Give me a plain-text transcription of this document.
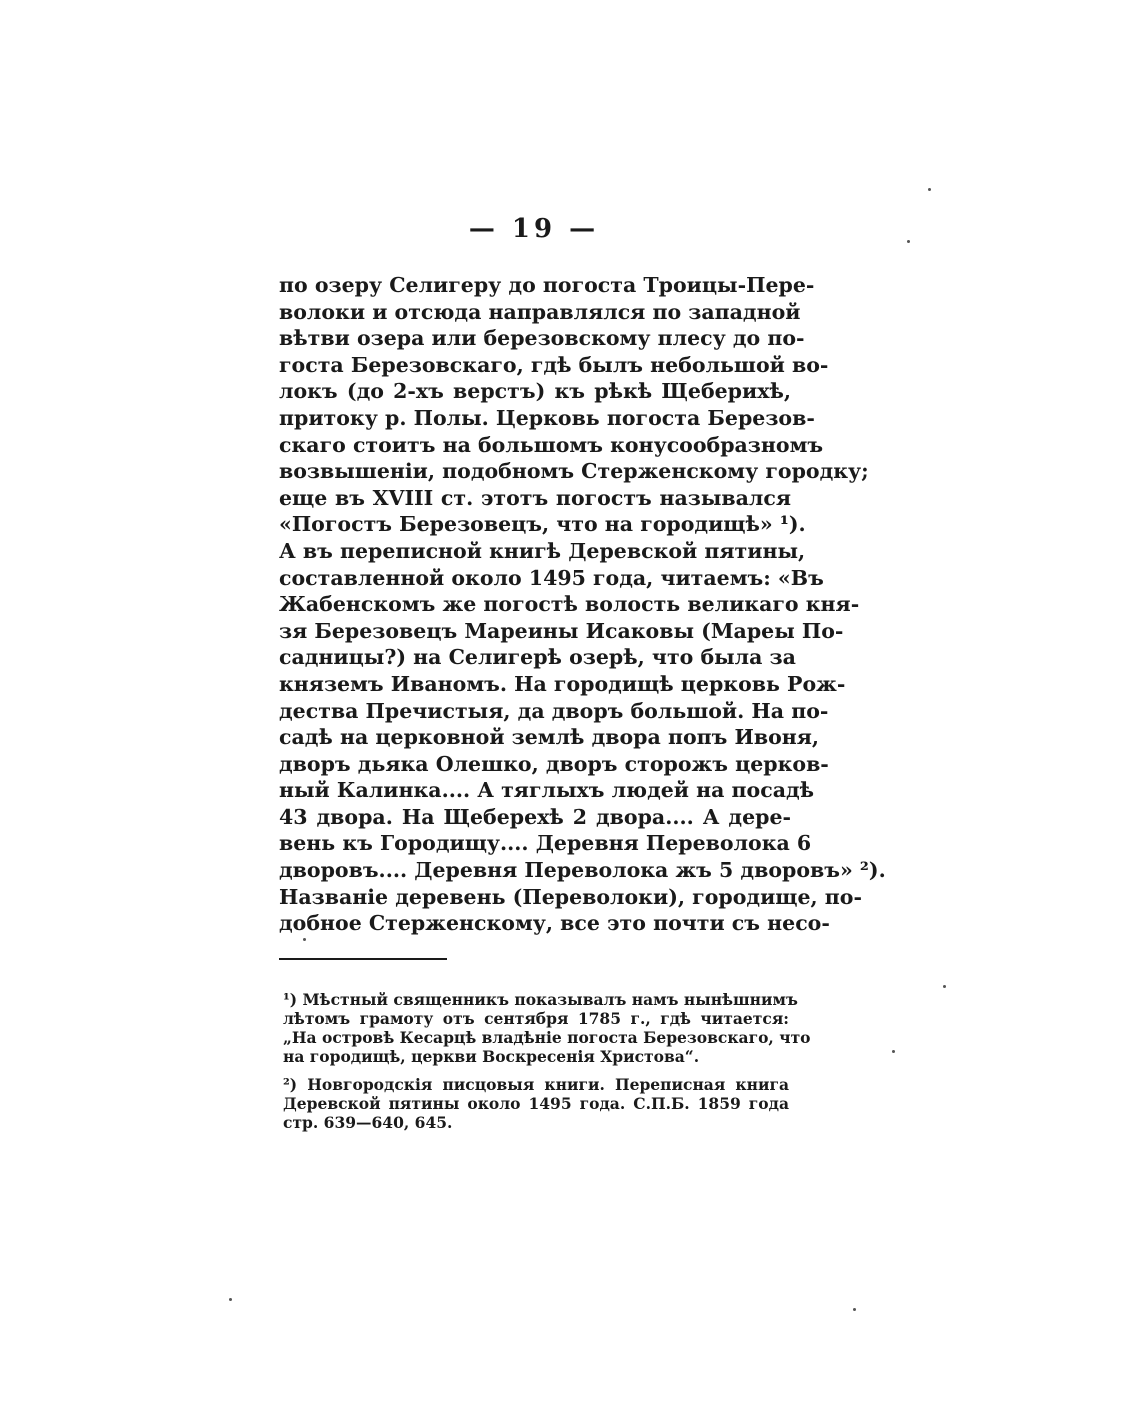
— 19 —
по озеру Селигеру до погоста Троицы-Пере-
волоки и отсюда направлялся по западной
вѣтви озера или березовскому плесу до по-
госта Березовскаго, гдѣ былъ небольшой во-
локъ (до 2-хъ верстъ) къ рѣкѣ Щеберихѣ,
притоку р. Полы. Церковь погоста Березов-
скаго стоитъ на большомъ конусообразномъ
возвышеніи, подобномъ Стерженскому городку;
еще въ XVIII ст. этотъ погостъ назывался
«Погостъ Березовецъ, что на городищѣ» ¹).
А въ переписной книгѣ Деревской пятины,
составленной около 1495 года, читаемъ: «Въ
Жабенскомъ же погостѣ волость великаго кня-
зя Березовецъ Мареины Исаковы (Мареы По-
садницы?) на Селигерѣ озерѣ, что была за
княземъ Иваномъ. На городищѣ церковь Рож-
дества Пречистыя, да дворъ большой. На по-
садѣ на церковной землѣ двора попъ Ивоня,
дворъ дьяка Олешко, дворъ сторожъ церков-
ный Калинка.... А тяглыхъ людей на посадѣ
43 двора. На Щеберехѣ 2 двора.... А дере-
вень къ Городищу.... Деревня Переволока 6
дворовъ.... Деревня Переволока жъ 5 дворовъ» ²).
Названіе деревень (Переволоки), городище, по-
добное Стерженскому, все это почти съ несо-
¹) Мѣстный священникъ показывалъ намъ нынѣшнимъ
лѣтомъ грамоту отъ сентября 1785 г., гдѣ читается:
„На островѣ Кесарцѣ владѣніе погоста Березовскаго, что
на городищѣ, церкви Воскресенія Христова“.
²) Новгородскія писцовыя книги. Переписная книга
Деревской пятины около 1495 года. С.П.Б. 1859 года
стр. 639—640, 645.
